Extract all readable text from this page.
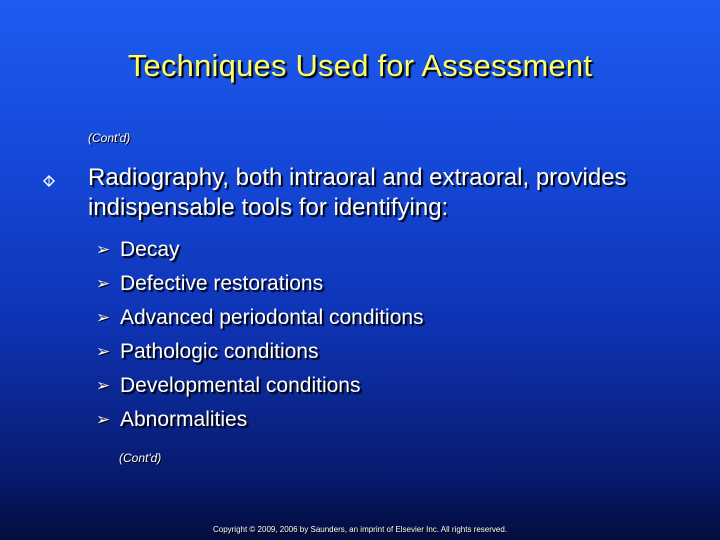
Techniques Used for Assessment
(Cont'd)
Radiography, both intraoral and extraoral, provides indispensable tools for identifying:
➢ Decay
➢ Defective restorations
➢ Advanced periodontal conditions
➢ Pathologic conditions
➢ Developmental conditions
➢ Abnormalities
(Cont'd)
Copyright © 2009, 2006 by Saunders, an imprint of Elsevier Inc. All rights reserved.
